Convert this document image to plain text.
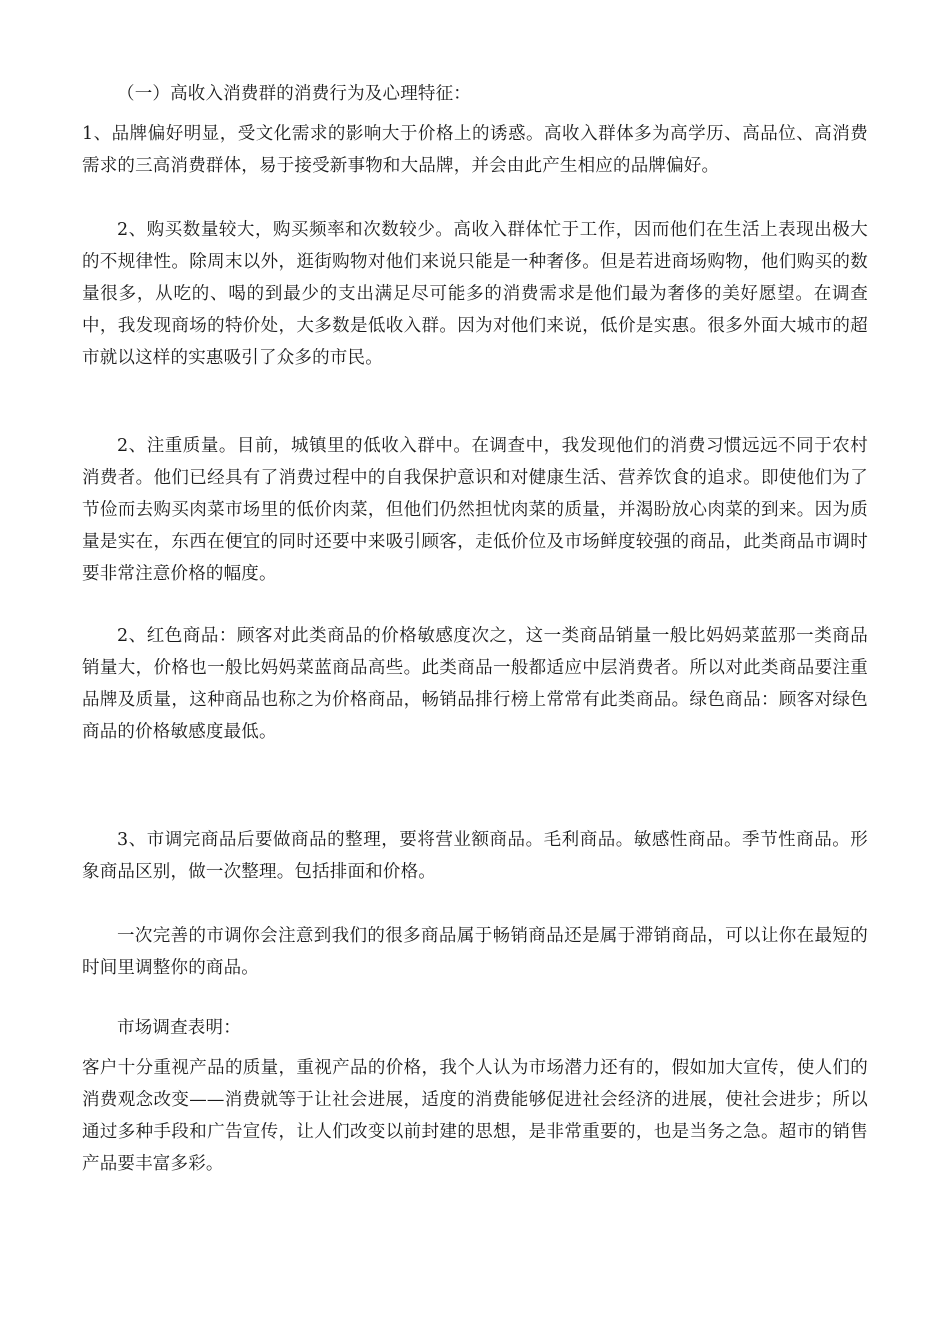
（一）高收入消费群的消费行为及心理特征：

1、品牌偏好明显，受文化需求的影响大于价格上的诱惑。高收入群体多为高学历、高品位、高消费需求的三高消费群体，易于接受新事物和大品牌，并会由此产生相应的品牌偏好。

2、购买数量较大，购买频率和次数较少。高收入群体忙于工作，因而他们在生活上表现出极大的不规律性。除周末以外，逛街购物对他们来说只能是一种奢侈。但是若进商场购物，他们购买的数量很多，从吃的、喝的到最少的支出满足尽可能多的消费需求是他们最为奢侈的美好愿望。在调查中，我发现商场的特价处，大多数是低收入群。因为对他们来说，低价是实惠。很多外面大城市的超市就以这样的实惠吸引了众多的市民。

2、注重质量。目前，城镇里的低收入群中。在调查中，我发现他们的消费习惯远远不同于农村消费者。他们已经具有了消费过程中的自我保护意识和对健康生活、营养饮食的追求。即使他们为了节俭而去购买肉菜市场里的低价肉菜，但他们仍然担忧肉菜的质量，并渴盼放心肉菜的到来。因为质量是实在，东西在便宜的同时还要中来吸引顾客，走低价位及市场鲜度较强的商品，此类商品市调时要非常注意价格的幅度。

2、红色商品：顾客对此类商品的价格敏感度次之，这一类商品销量一般比妈妈菜蓝那一类商品销量大，价格也一般比妈妈菜蓝商品高些。此类商品一般都适应中层消费者。所以对此类商品要注重品牌及质量，这种商品也称之为价格商品，畅销品排行榜上常常有此类商品。绿色商品：顾客对绿色商品的价格敏感度最低。

3、市调完商品后要做商品的整理，要将营业额商品。毛利商品。敏感性商品。季节性商品。形象商品区别，做一次整理。包括排面和价格。

一次完善的市调你会注意到我们的很多商品属于畅销商品还是属于滞销商品，可以让你在最短的时间里调整你的商品。

市场调查表明：

客户十分重视产品的质量，重视产品的价格，我个人认为市场潜力还有的，假如加大宣传，使人们的消费观念改变——消费就等于让社会进展，适度的消费能够促进社会经济的进展，使社会进步；所以通过多种手段和广告宣传，让人们改变以前封建的思想，是非常重要的，也是当务之急。超市的销售产品要丰富多彩。
